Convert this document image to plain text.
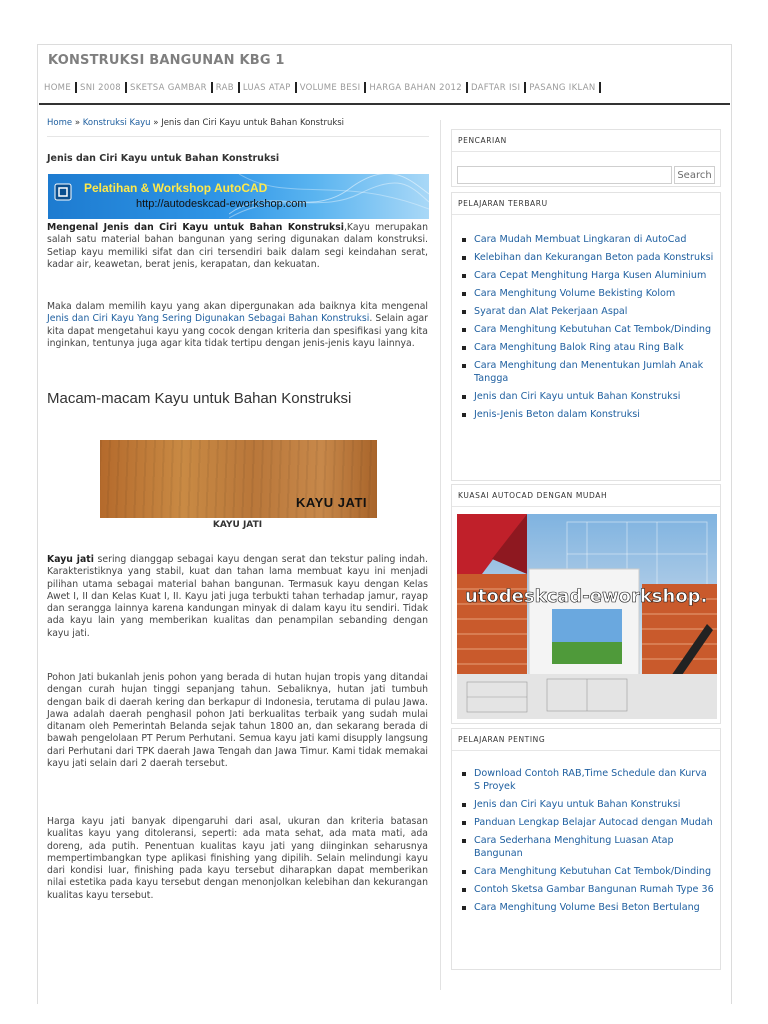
KONSTRUKSI BANGUNAN KBG 1
HOME SNI 2008 SKETSA GAMBAR RAB LUAS ATAP VOLUME BESI HARGA BAHAN 2012 DAFTAR ISI PASANG IKLAN
Home » Konstruksi Kayu » Jenis dan Ciri Kayu untuk Bahan Konstruksi
Jenis dan Ciri Kayu untuk Bahan Konstruksi
Pelatihan & Workshop AutoCAD
http://autodeskcad-eworkshop.com
Mengenal Jenis dan Ciri Kayu untuk Bahan Konstruksi,Kayu merupakan salah satu material bahan bangunan yang sering digunakan dalam konstruksi. Setiap kayu memiliki sifat dan ciri tersendiri baik dalam segi keindahan serat, kadar air, keawetan, berat jenis, kerapatan, dan kekuatan.
Maka dalam memilih kayu yang akan dipergunakan ada baiknya kita mengenal Jenis dan Ciri Kayu Yang Sering Digunakan Sebagai Bahan Konstruksi. Selain agar kita dapat mengetahui kayu yang cocok dengan kriteria dan spesifikasi yang kita inginkan, tentunya juga agar kita tidak tertipu dengan jenis-jenis kayu lainnya.
Macam-macam Kayu untuk Bahan Konstruksi
KAYU JATI
KAYU JATI
Kayu jati sering dianggap sebagai kayu dengan serat dan tekstur paling indah. Karakteristiknya yang stabil, kuat dan tahan lama membuat kayu ini menjadi pilihan utama sebagai material bahan bangunan. Termasuk kayu dengan Kelas Awet I, II dan Kelas Kuat I, II. Kayu jati juga terbukti tahan terhadap jamur, rayap dan serangga lainnya karena kandungan minyak di dalam kayu itu sendiri. Tidak ada kayu lain yang memberikan kualitas dan penampilan sebanding dengan kayu jati.
Pohon Jati bukanlah jenis pohon yang berada di hutan hujan tropis yang ditandai dengan curah hujan tinggi sepanjang tahun. Sebaliknya, hutan jati tumbuh dengan baik di daerah kering dan berkapur di Indonesia, terutama di pulau Jawa. Jawa adalah daerah penghasil pohon Jati berkualitas terbaik yang sudah mulai ditanam oleh Pemerintah Belanda sejak tahun 1800 an, dan sekarang berada di bawah pengelolaan PT Perum Perhutani. Semua kayu jati kami disupply langsung dari Perhutani dari TPK daerah Jawa Tengah dan Jawa Timur. Kami tidak memakai kayu jati selain dari 2 daerah tersebut.
Harga kayu jati banyak dipengaruhi dari asal, ukuran dan kriteria batasan kualitas kayu yang ditoleransi, seperti: ada mata sehat, ada mata mati, ada doreng, ada putih. Penentuan kualitas kayu jati yang diinginkan seharusnya mempertimbangkan type aplikasi finishing yang dipilih. Selain melindungi kayu dari kondisi luar, finishing pada kayu tersebut diharapkan dapat memberikan nilai estetika pada kayu tersebut dengan menonjolkan kelebihan dan kekurangan kualitas kayu tersebut.
PENCARIAN
Search
PELAJARAN TERBARU
Cara Mudah Membuat Lingkaran di AutoCad
Kelebihan dan Kekurangan Beton pada Konstruksi
Cara Cepat Menghitung Harga Kusen Aluminium
Cara Menghitung Volume Bekisting Kolom
Syarat dan Alat Pekerjaan Aspal
Cara Menghitung Kebutuhan Cat Tembok/Dinding
Cara Menghitung Balok Ring atau Ring Balk
Cara Menghitung dan Menentukan Jumlah Anak Tangga
Jenis dan Ciri Kayu untuk Bahan Konstruksi
Jenis-Jenis Beton dalam Konstruksi
KUASAI AUTOCAD DENGAN MUDAH
utodeskcad-eworkshop.
PELAJARAN PENTING
Download Contoh RAB,Time Schedule dan Kurva S Proyek
Jenis dan Ciri Kayu untuk Bahan Konstruksi
Panduan Lengkap Belajar Autocad dengan Mudah
Cara Sederhana Menghitung Luasan Atap Bangunan
Cara Menghitung Kebutuhan Cat Tembok/Dinding
Contoh Sketsa Gambar Bangunan Rumah Type 36
Cara Menghitung Volume Besi Beton Bertulang
